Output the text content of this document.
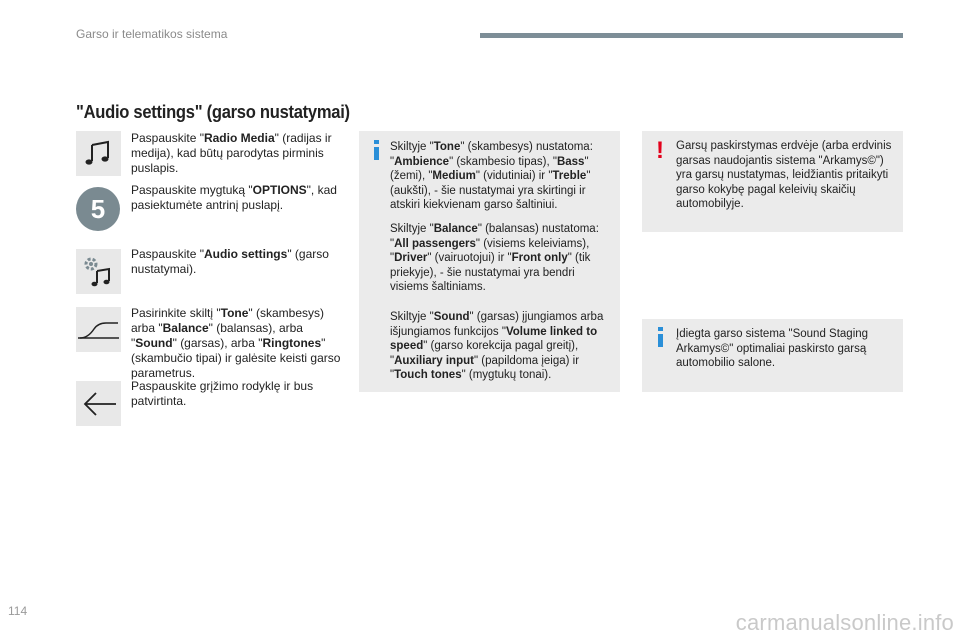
Garso ir telematikos sistema
"Audio settings" (garso nustatymai)
Paspauskite "Radio Media" (radijas ir medija), kad būtų parodytas pirminis puslapis.
5
Paspauskite mygtuką "OPTIONS", kad pasiektumėte antrinį puslapį.
Paspauskite "Audio settings" (garso nustatymai).
Pasirinkite skiltį "Tone" (skambesys) arba "Balance" (balansas), arba "Sound" (garsas), arba "Ringtones" (skambučio tipai) ir galėsite keisti garso parametrus.
Paspauskite grįžimo rodyklę ir bus patvirtinta.

Skiltyje "Tone" (skambesys) nustatoma: "Ambience" (skambesio tipas), "Bass" (žemi), "Medium" (vidutiniai) ir "Treble" (aukšti), - šie nustatymai yra skirtingi ir atskiri kiekvienam garso šaltiniui.

Skiltyje "Balance" (balansas) nustatoma: "All passengers" (visiems keleiviams), "Driver" (vairuotojui) ir "Front only" (tik priekyje), - šie nustatymai yra bendri visiems šaltiniams.

Skiltyje "Sound" (garsas) įjungiamos arba išjungiamos funkcijos "Volume linked to speed" (garso korekcija pagal greitį), "Auxiliary input" (papildoma įeiga) ir "Touch tones" (mygtukų tonai).

! Garsų paskirstymas erdvėje (arba erdvinis garsas naudojantis sistema "Arkamys©") yra garsų nustatymas, leidžiantis pritaikyti garso kokybę pagal keleivių skaičių automobilyje.

Įdiegta garso sistema "Sound Staging Arkamys©" optimaliai paskirsto garsą automobilio salone.

114	carmanualsonline.info
